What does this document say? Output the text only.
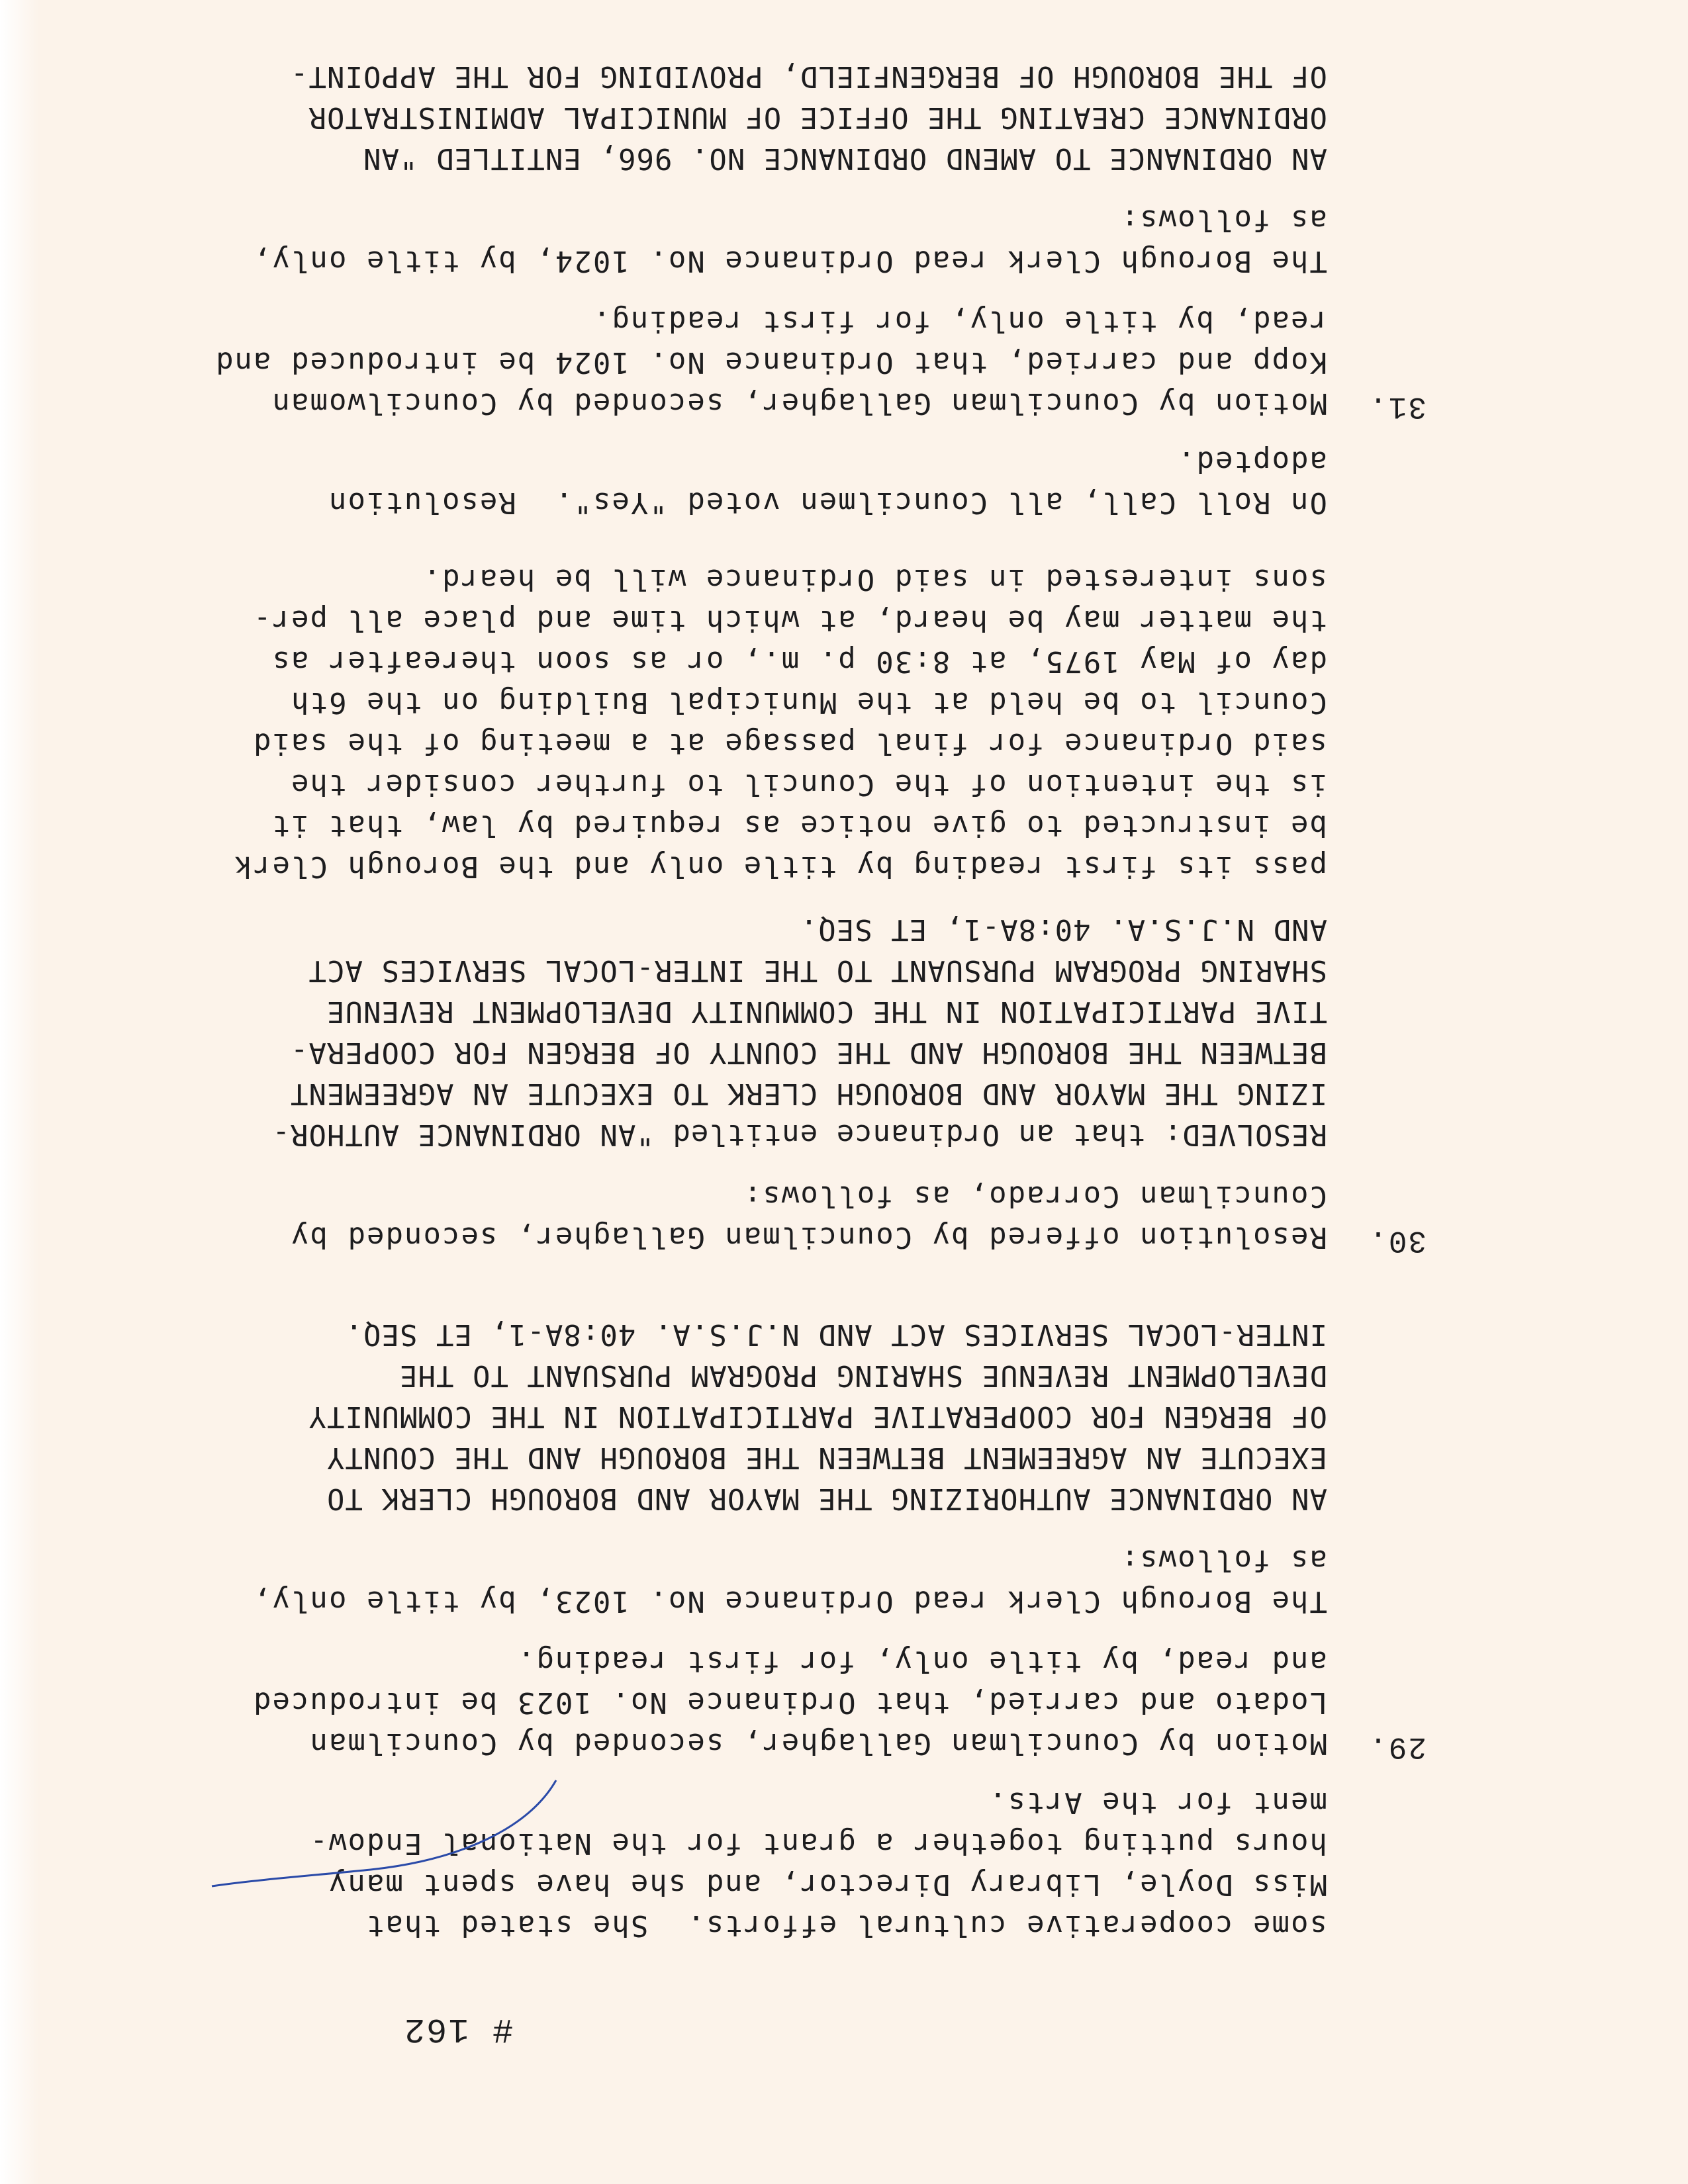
# 162
some cooperative cultural efforts.  She stated that
Miss Doyle, Library Director, and she have spent many
hours putting together a grant for the National Endow-
ment for the Arts.
29.
Motion by Councilman Gallagher, seconded by Councilman
Lodato and carried, that Ordinance No. 1023 be introduced
and read, by title only, for first reading.
The Borough Clerk read Ordinance No. 1023, by title only,
as follows:
AN ORDINANCE AUTHORIZING THE MAYOR AND BOROUGH CLERK TO
EXECUTE AN AGREEMENT BETWEEN THE BOROUGH AND THE COUNTY
OF BERGEN FOR COOPERATIVE PARTICIPATION IN THE COMMUNITY
DEVELOPMENT REVENUE SHARING PROGRAM PURSUANT TO THE
INTER-LOCAL SERVICES ACT AND N.J.S.A. 40:8A-1, ET SEQ.
30.
Resolution offered by Councilman Gallagher, seconded by
Councilman Corrado, as follows:
RESOLVED: that an Ordinance entitled "AN ORDINANCE AUTHOR-
IZING THE MAYOR AND BOROUGH CLERK TO EXECUTE AN AGREEMENT
BETWEEN THE BOROUGH AND THE COUNTY OF BERGEN FOR COOPERA-
TIVE PARTICIPATION IN THE COMMUNITY DEVELOPMENT REVENUE
SHARING PROGRAM PURSUANT TO THE INTER-LOCAL SERVICES ACT
AND N.J.S.A. 40:8A-1, ET SEQ.
pass its first reading by title only and the Borough Clerk
be instructed to give notice as required by law, that it
is the intention of the Council to further consider the
said Ordinance for final passage at a meeting of the said
Council to be held at the Municipal Building on the 6th
day of May 1975, at 8:30 p. m., or as soon thereafter as
the matter may be heard, at which time and place all per-
sons interested in said Ordinance will be heard.
On Roll Call, all Councilmen voted "Yes".  Resolution
adopted.
31.
Motion by Councilman Gallagher, seconded by Councilwoman
Kopp and carried, that Ordinance No. 1024 be introduced and
read, by title only, for first reading.
The Borough Clerk read Ordinance No. 1024, by title only,
as follows:
AN ORDINANCE TO AMEND ORDINANCE NO. 966, ENTITLED "AN
ORDINANCE CREATING THE OFFICE OF MUNICIPAL ADMINISTRATOR
OF THE BOROUGH OF BERGENFIELD, PROVIDING FOR THE APPOINT-
